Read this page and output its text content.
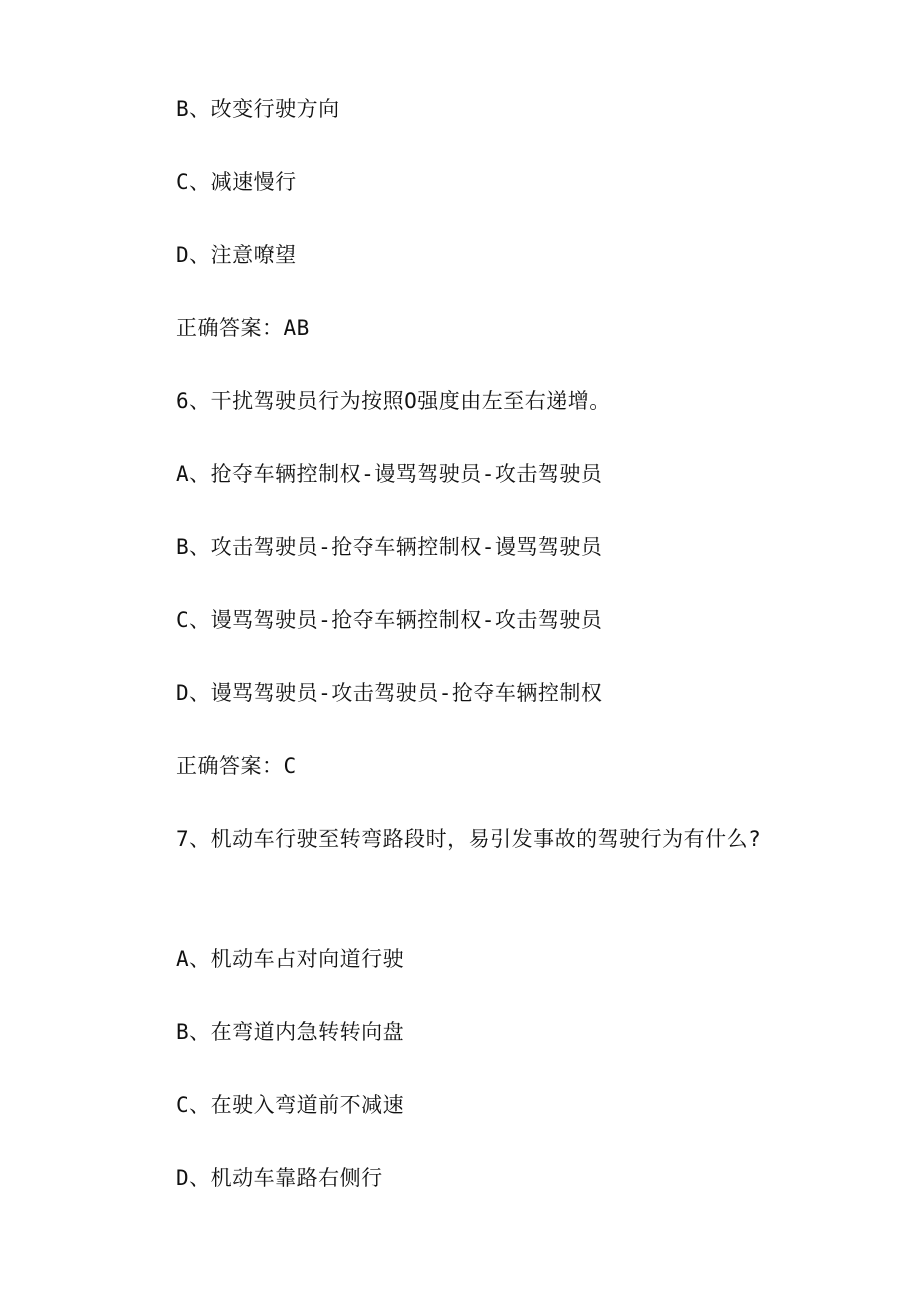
B、改变行驶方向
C、减速慢行
D、注意嘹望
正确答案：AB
6、干扰驾驶员行为按照O强度由左至右递增。
A、抢夺车辆控制权-谩骂驾驶员-攻击驾驶员
B、攻击驾驶员-抢夺车辆控制权-谩骂驾驶员
C、谩骂驾驶员-抢夺车辆控制权-攻击驾驶员
D、谩骂驾驶员-攻击驾驶员-抢夺车辆控制权
正确答案：C
7、机动车行驶至转弯路段时，易引发事故的驾驶行为有什么?
A、机动车占对向道行驶
B、在弯道内急转转向盘
C、在驶入弯道前不减速
D、机动车靠路右侧行
